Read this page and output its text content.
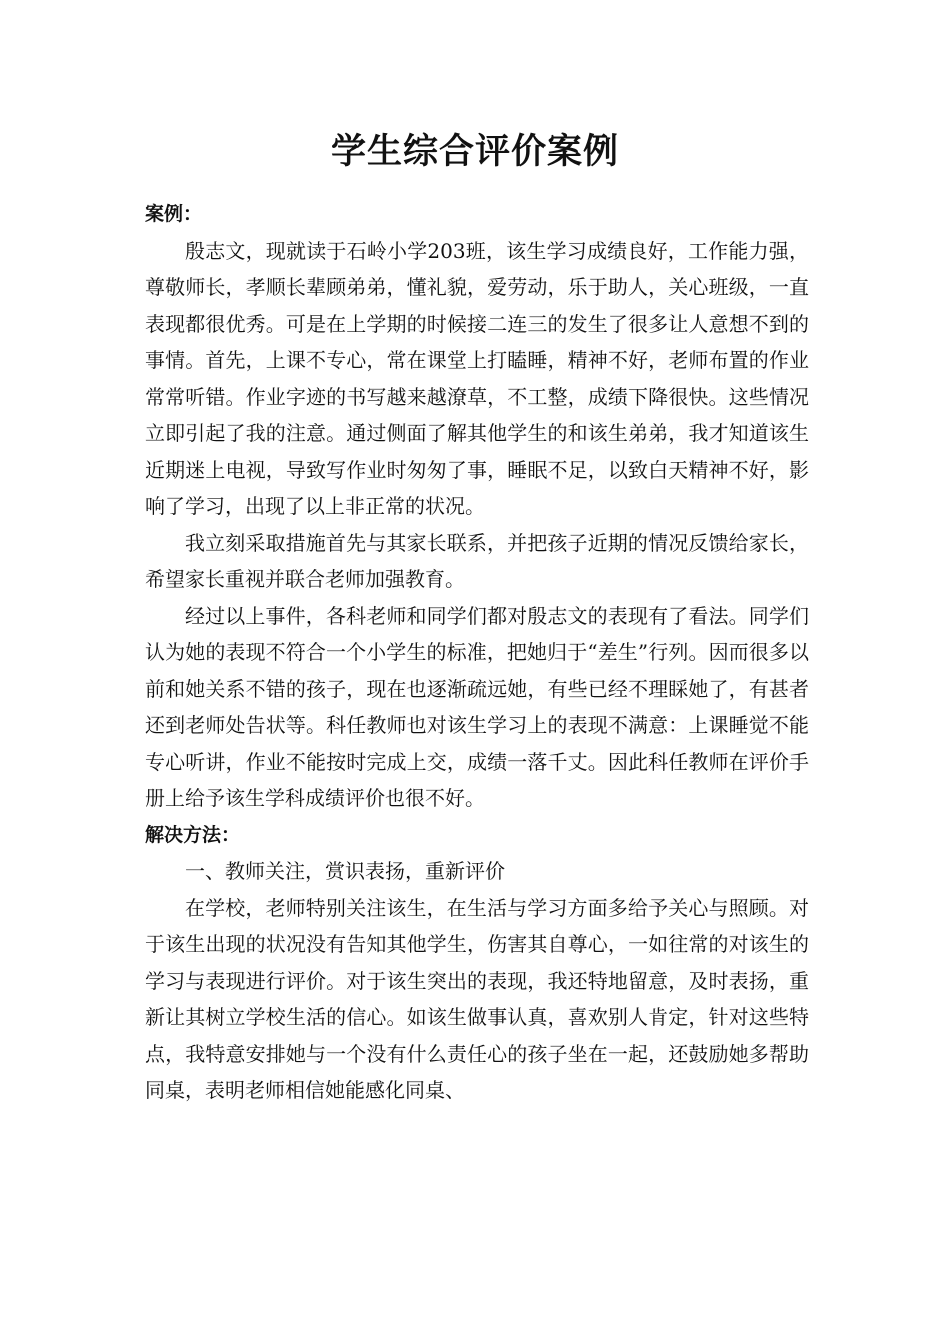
学生综合评价案例

案例：

殷志文，现就读于石岭小学203班，该生学习成绩良好，工作能力强，尊敬师长，孝顺长辈顾弟弟，懂礼貌，爱劳动，乐于助人，关心班级，一直表现都很优秀。可是在上学期的时候接二连三的发生了很多让人意想不到的事情。首先，上课不专心，常在课堂上打瞌睡，精神不好，老师布置的作业常常听错。作业字迹的书写越来越潦草，不工整，成绩下降很快。这些情况立即引起了我的注意。通过侧面了解其他学生的和该生弟弟，我才知道该生近期迷上电视，导致写作业时匆匆了事，睡眠不足，以致白天精神不好，影响了学习，出现了以上非正常的状况。

我立刻采取措施首先与其家长联系，并把孩子近期的情况反馈给家长，希望家长重视并联合老师加强教育。

经过以上事件，各科老师和同学们都对殷志文的表现有了看法。同学们认为她的表现不符合一个小学生的标准，把她归于“差生”行列。因而很多以前和她关系不错的孩子，现在也逐渐疏远她，有些已经不理睬她了，有甚者还到老师处告状等。科任教师也对该生学习上的表现不满意：上课睡觉不能专心听讲，作业不能按时完成上交，成绩一落千丈。因此科任教师在评价手册上给予该生学科成绩评价也很不好。

解决方法：

一、教师关注，赏识表扬，重新评价

在学校，老师特别关注该生，在生活与学习方面多给予关心与照顾。对于该生出现的状况没有告知其他学生，伤害其自尊心，一如往常的对该生的学习与表现进行评价。对于该生突出的表现，我还特地留意，及时表扬，重新让其树立学校生活的信心。如该生做事认真，喜欢别人肯定，针对这些特点，我特意安排她与一个没有什么责任心的孩子坐在一起，还鼓励她多帮助同桌，表明老师相信她能感化同桌、
